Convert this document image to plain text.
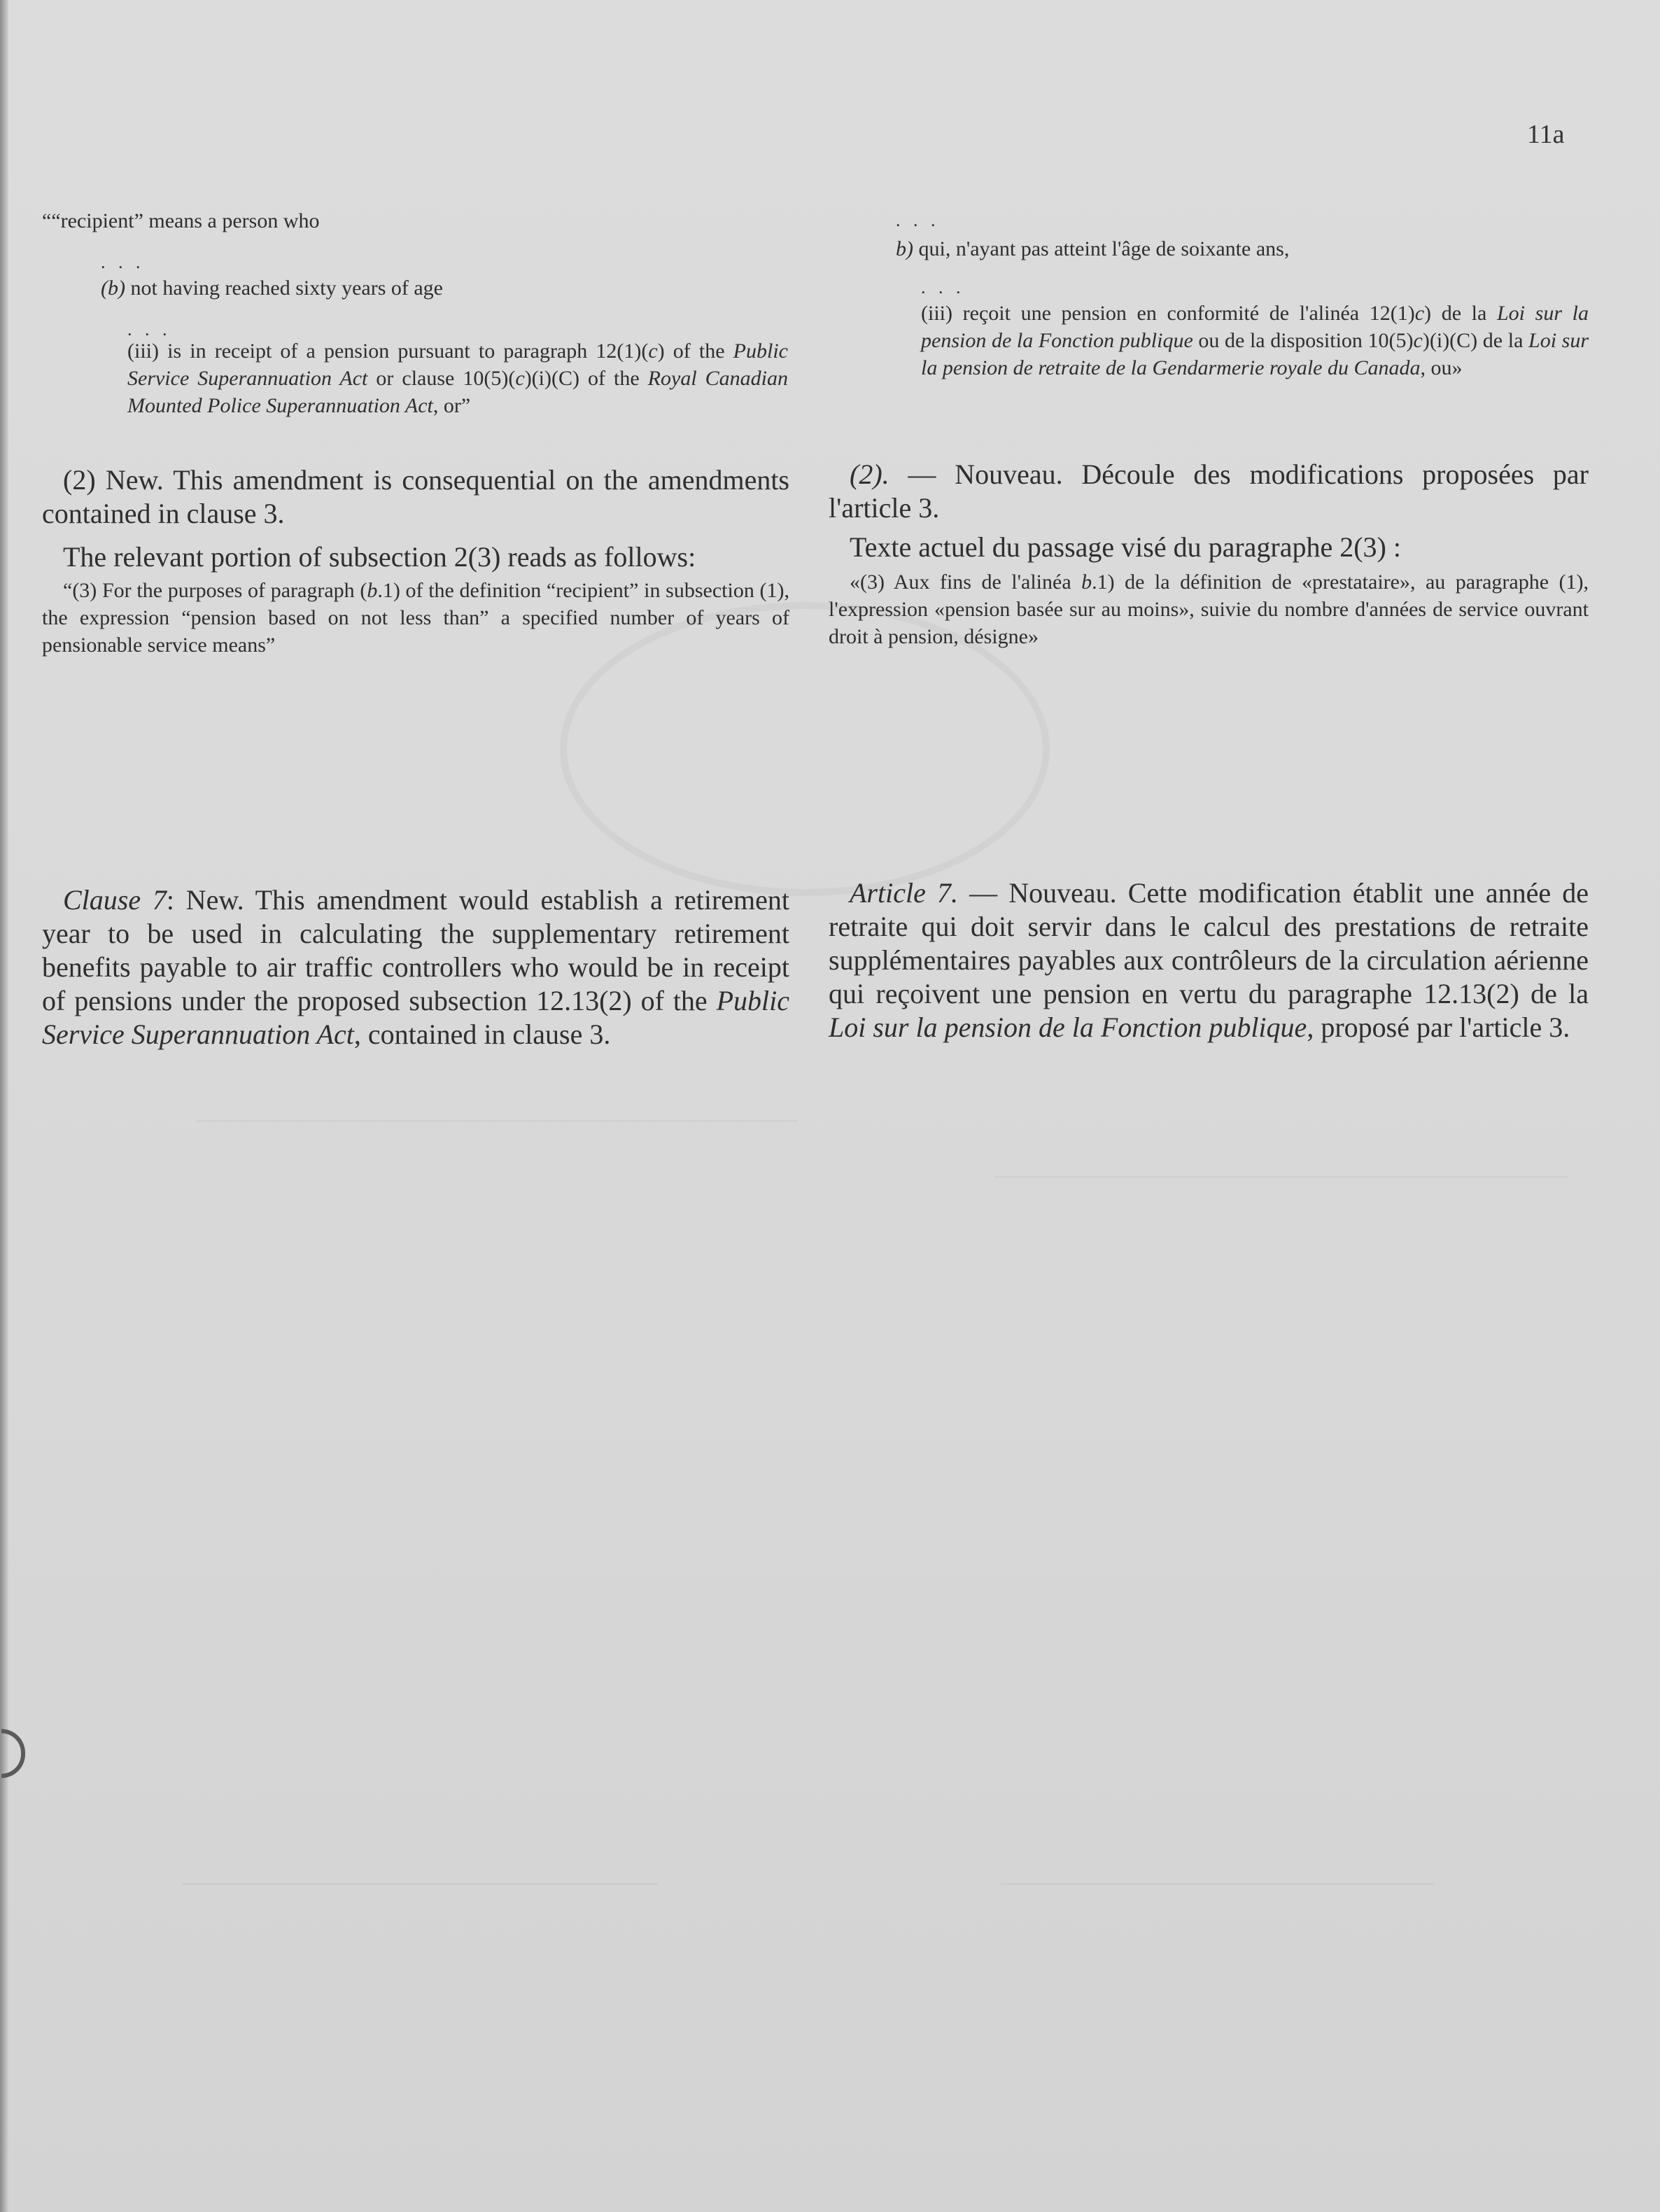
11a
““recipient” means a person who
. . .
(b) not having reached sixty years of age
. . .
(iii) is in receipt of a pension pursuant to paragraph 12(1)(c) of the Public Service Superannuation Act or clause 10(5)(c)(i)(C) of the Royal Canadian Mounted Police Superannuation Act, or”
(2) New. This amendment is consequential on the amendments contained in clause 3.
The relevant portion of subsection 2(3) reads as follows:
“(3) For the purposes of paragraph (b.1) of the definition “recipient” in subsection (1), the expression “pension based on not less than” a specified number of years of pensionable service means”
Clause 7: New. This amendment would establish a retirement year to be used in calculating the supplementary retirement benefits payable to air traffic controllers who would be in receipt of pensions under the proposed subsection 12.13(2) of the Public Service Superannuation Act, contained in clause 3.
. . .
b) qui, n'ayant pas atteint l'âge de soixante ans,
. . .
(iii) reçoit une pension en conformité de l'alinéa 12(1)c) de la Loi sur la pension de la Fonction publique ou de la disposition 10(5)c)(i)(C) de la Loi sur la pension de retraite de la Gendarmerie royale du Canada, ou»
(2). — Nouveau. Découle des modifications proposées par l'article 3.
Texte actuel du passage visé du paragraphe 2(3) :
«(3) Aux fins de l'alinéa b.1) de la définition de «prestataire», au paragraphe (1), l'expression «pension basée sur au moins», suivie du nombre d'années de service ouvrant droit à pension, désigne»
Article 7. — Nouveau. Cette modification établit une année de retraite qui doit servir dans le calcul des prestations de retraite supplémentaires payables aux contrôleurs de la circulation aérienne qui reçoivent une pension en vertu du paragraphe 12.13(2) de la Loi sur la pension de la Fonction publique, proposé par l'article 3.
